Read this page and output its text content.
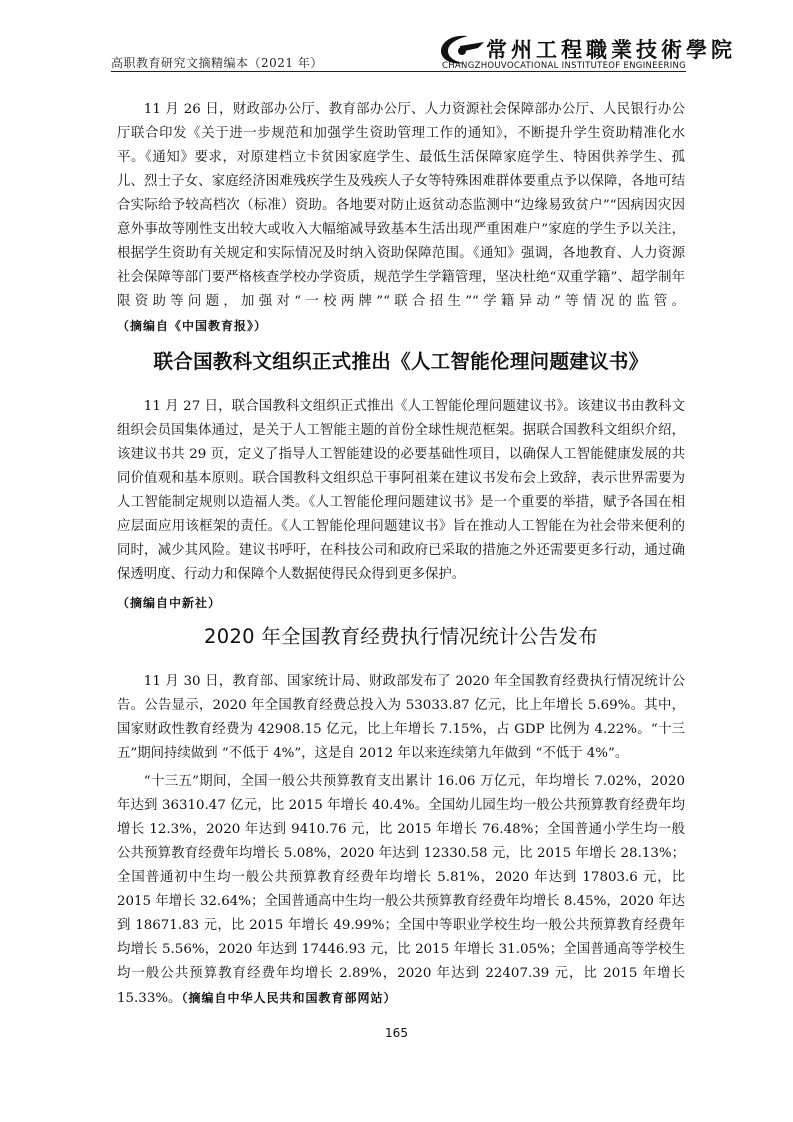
高职教育研究文摘精编本（2021 年）
常州工程職業技術學院
CHANGZHOUVOCATIONAL INSTITUTEOF ENGINEERING

11 月 26 日，财政部办公厅、教育部办公厅、人力资源社会保障部办公厅、人民银行办公厅联合印发《关于进一步规范和加强学生资助管理工作的通知》，不断提升学生资助精准化水平。《通知》要求，对原建档立卡贫困家庭学生、最低生活保障家庭学生、特困供养学生、孤儿、烈士子女、家庭经济困难残疾学生及残疾人子女等特殊困难群体要重点予以保障，各地可结合实际给予较高档次（标准）资助。各地要对防止返贫动态监测中“边缘易致贫户”“因病因灾因意外事故等刚性支出较大或收入大幅缩减导致基本生活出现严重困难户”家庭的学生予以关注，根据学生资助有关规定和实际情况及时纳入资助保障范围。《通知》强调，各地教育、人力资源社会保障等部门要严格核查学校办学资质，规范学生学籍管理，坚决杜绝“双重学籍”、超学制年限资助等问题，加强对“一校两牌”“联合招生”“学籍异动”等情况的监管。（摘编自《中国教育报》）

联合国教科文组织正式推出《人工智能伦理问题建议书》

11 月 27 日，联合国教科文组织正式推出《人工智能伦理问题建议书》。该建议书由教科文组织会员国集体通过，是关于人工智能主题的首份全球性规范框架。据联合国教科文组织介绍，该建议书共 29 页，定义了指导人工智能建设的必要基础性项目，以确保人工智能健康发展的共同价值观和基本原则。联合国教科文组织总干事阿祖莱在建议书发布会上致辞，表示世界需要为人工智能制定规则以造福人类。《人工智能伦理问题建议书》是一个重要的举措，赋予各国在相应层面应用该框架的责任。《人工智能伦理问题建议书》旨在推动人工智能在为社会带来便利的同时，减少其风险。建议书呼吁，在科技公司和政府已采取的措施之外还需要更多行动，通过确保透明度、行动力和保障个人数据使得民众得到更多保护。

（摘编自中新社）

2020 年全国教育经费执行情况统计公告发布

11 月 30 日，教育部、国家统计局、财政部发布了 2020 年全国教育经费执行情况统计公告。公告显示，2020 年全国教育经费总投入为 53033.87 亿元，比上年增长 5.69%。其中，国家财政性教育经费为 42908.15 亿元，比上年增长 7.15%，占 GDP 比例为 4.22%。“十三五”期间持续做到 “不低于 4%”，这是自 2012 年以来连续第九年做到 “不低于 4%”。

“十三五”期间，全国一般公共预算教育支出累计 16.06 万亿元，年均增长 7.02%，2020 年达到 36310.47 亿元，比 2015 年增长 40.4%。全国幼儿园生均一般公共预算教育经费年均增长 12.3%，2020 年达到 9410.76 元，比 2015 年增长 76.48%；全国普通小学生均一般公共预算教育经费年均增长 5.08%，2020 年达到 12330.58 元，比 2015 年增长 28.13%；全国普通初中生均一般公共预算教育经费年均增长 5.81%，2020 年达到 17803.6 元，比 2015 年增长 32.64%；全国普通高中生均一般公共预算教育经费年均增长 8.45%，2020 年达到 18671.83 元，比 2015 年增长 49.99%；全国中等职业学校生均一般公共预算教育经费年均增长 5.56%，2020 年达到 17446.93 元，比 2015 年增长 31.05%；全国普通高等学校生均一般公共预算教育经费年均增长 2.89%，2020 年达到 22407.39 元，比 2015 年增长 15.33%。（摘编自中华人民共和国教育部网站）

165
